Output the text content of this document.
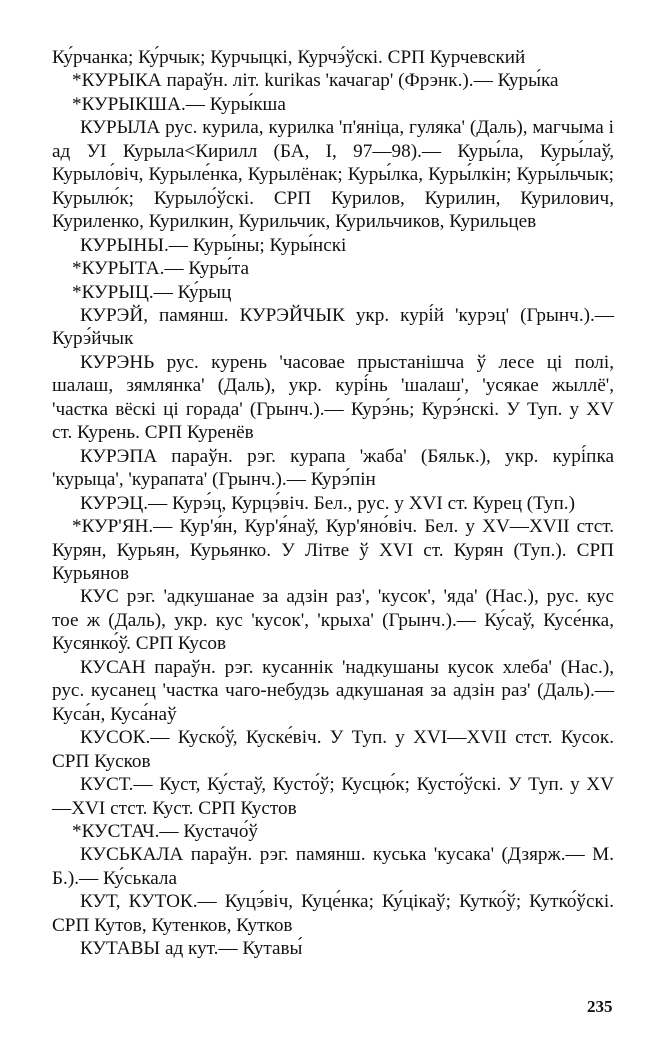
Ку́рчанка; Ку́рчык; Курчыцкі, Курчэ́ўскі. СРП Курчевский

*КУРЫКА параўн. літ. kurikas 'качагар' (Фрэнк.).— Куры́ка

*КУРЫКША.— Куры́кша

КУРЫЛА рус. курила, курилка 'п'яніца, гуляка' (Даль), магчыма і ад УІ Курыла<Кирилл (БА, І, 97—98).— Куры́ла, Куры́лаў, Курыло́віч, Курыле́нка, Курылёнак; Куры́лка, Куры́лкін; Куры́льчык; Курылю́к; Курыло́ўскі. СРП Курилов, Курилин, Курилович, Куриленко, Курилкин, Курильчик, Курильчиков, Курильцев

КУРЫНЫ.— Куры́ны; Куры́нскі

*КУРЫТА.— Куры́та

*КУРЫЦ.— Ку́рыц

КУРЭЙ, памянш. КУРЭЙЧЫК укр. курі́й 'курэц' (Грынч.).— Курэ́йчык

КУРЭНЬ рус. курень 'часовае прыстанішча ў лесе ці полі, шалаш, зямлянка' (Даль), укр. курі́нь 'шалаш', 'усякае жыллё', 'частка вёскі ці горада' (Грынч.).— Курэ́нь; Курэ́нскі. У Туп. у XV ст. Курень. СРП Куренёв

КУРЭПА параўн. рэг. курапа 'жаба' (Бяльк.), укр. курі́пка 'курыца', 'курапата' (Грынч.).— Курэ́пін

КУРЭЦ.— Курэ́ц, Курцэ́віч. Бел., рус. у XVI ст. Курец (Туп.)

*КУР'ЯН.— Кур'я́н, Кур'я́наў, Кур'яно́віч. Бел. у XV—XVII стст. Курян, Курьян, Курьянко. У Літве ў XVI ст. Курян (Туп.). СРП Курьянов

КУС рэг. 'адкушанае за адзін раз', 'кусок', 'яда' (Нас.), рус. кус тое ж (Даль), укр. кус 'кусок', 'крыха' (Грынч.).— Ку́саў, Кусе́нка, Кусянко́ў. СРП Кусов

КУСАН параўн. рэг. кусаннік 'надкушаны кусок хлеба' (Нас.), рус. кусанец 'частка чаго-небудзь адкушаная за адзін раз' (Даль).— Куса́н, Куса́наў

КУСОК.— Куско́ў, Куске́віч. У Туп. у XVI—XVII стст. Кусок. СРП Кусков

КУСТ.— Куст, Ку́стаў, Кусто́ў; Кусцю́к; Кусто́ўскі. У Туп. у XV—XVI стст. Куст. СРП Кустов

*КУСТАЧ.— Кустачо́ў

КУСЬКАЛА параўн. рэг. памянш. куська 'кусака' (Дзярж.— М. Б.).— Ку́ськала

КУТ, КУТОК.— Куцэ́віч, Куце́нка; Ку́цікаў; Кутко́ў; Кутко́ўскі. СРП Кутов, Кутенков, Кутков

КУТАВЫ ад кут.— Кутавы́

235
